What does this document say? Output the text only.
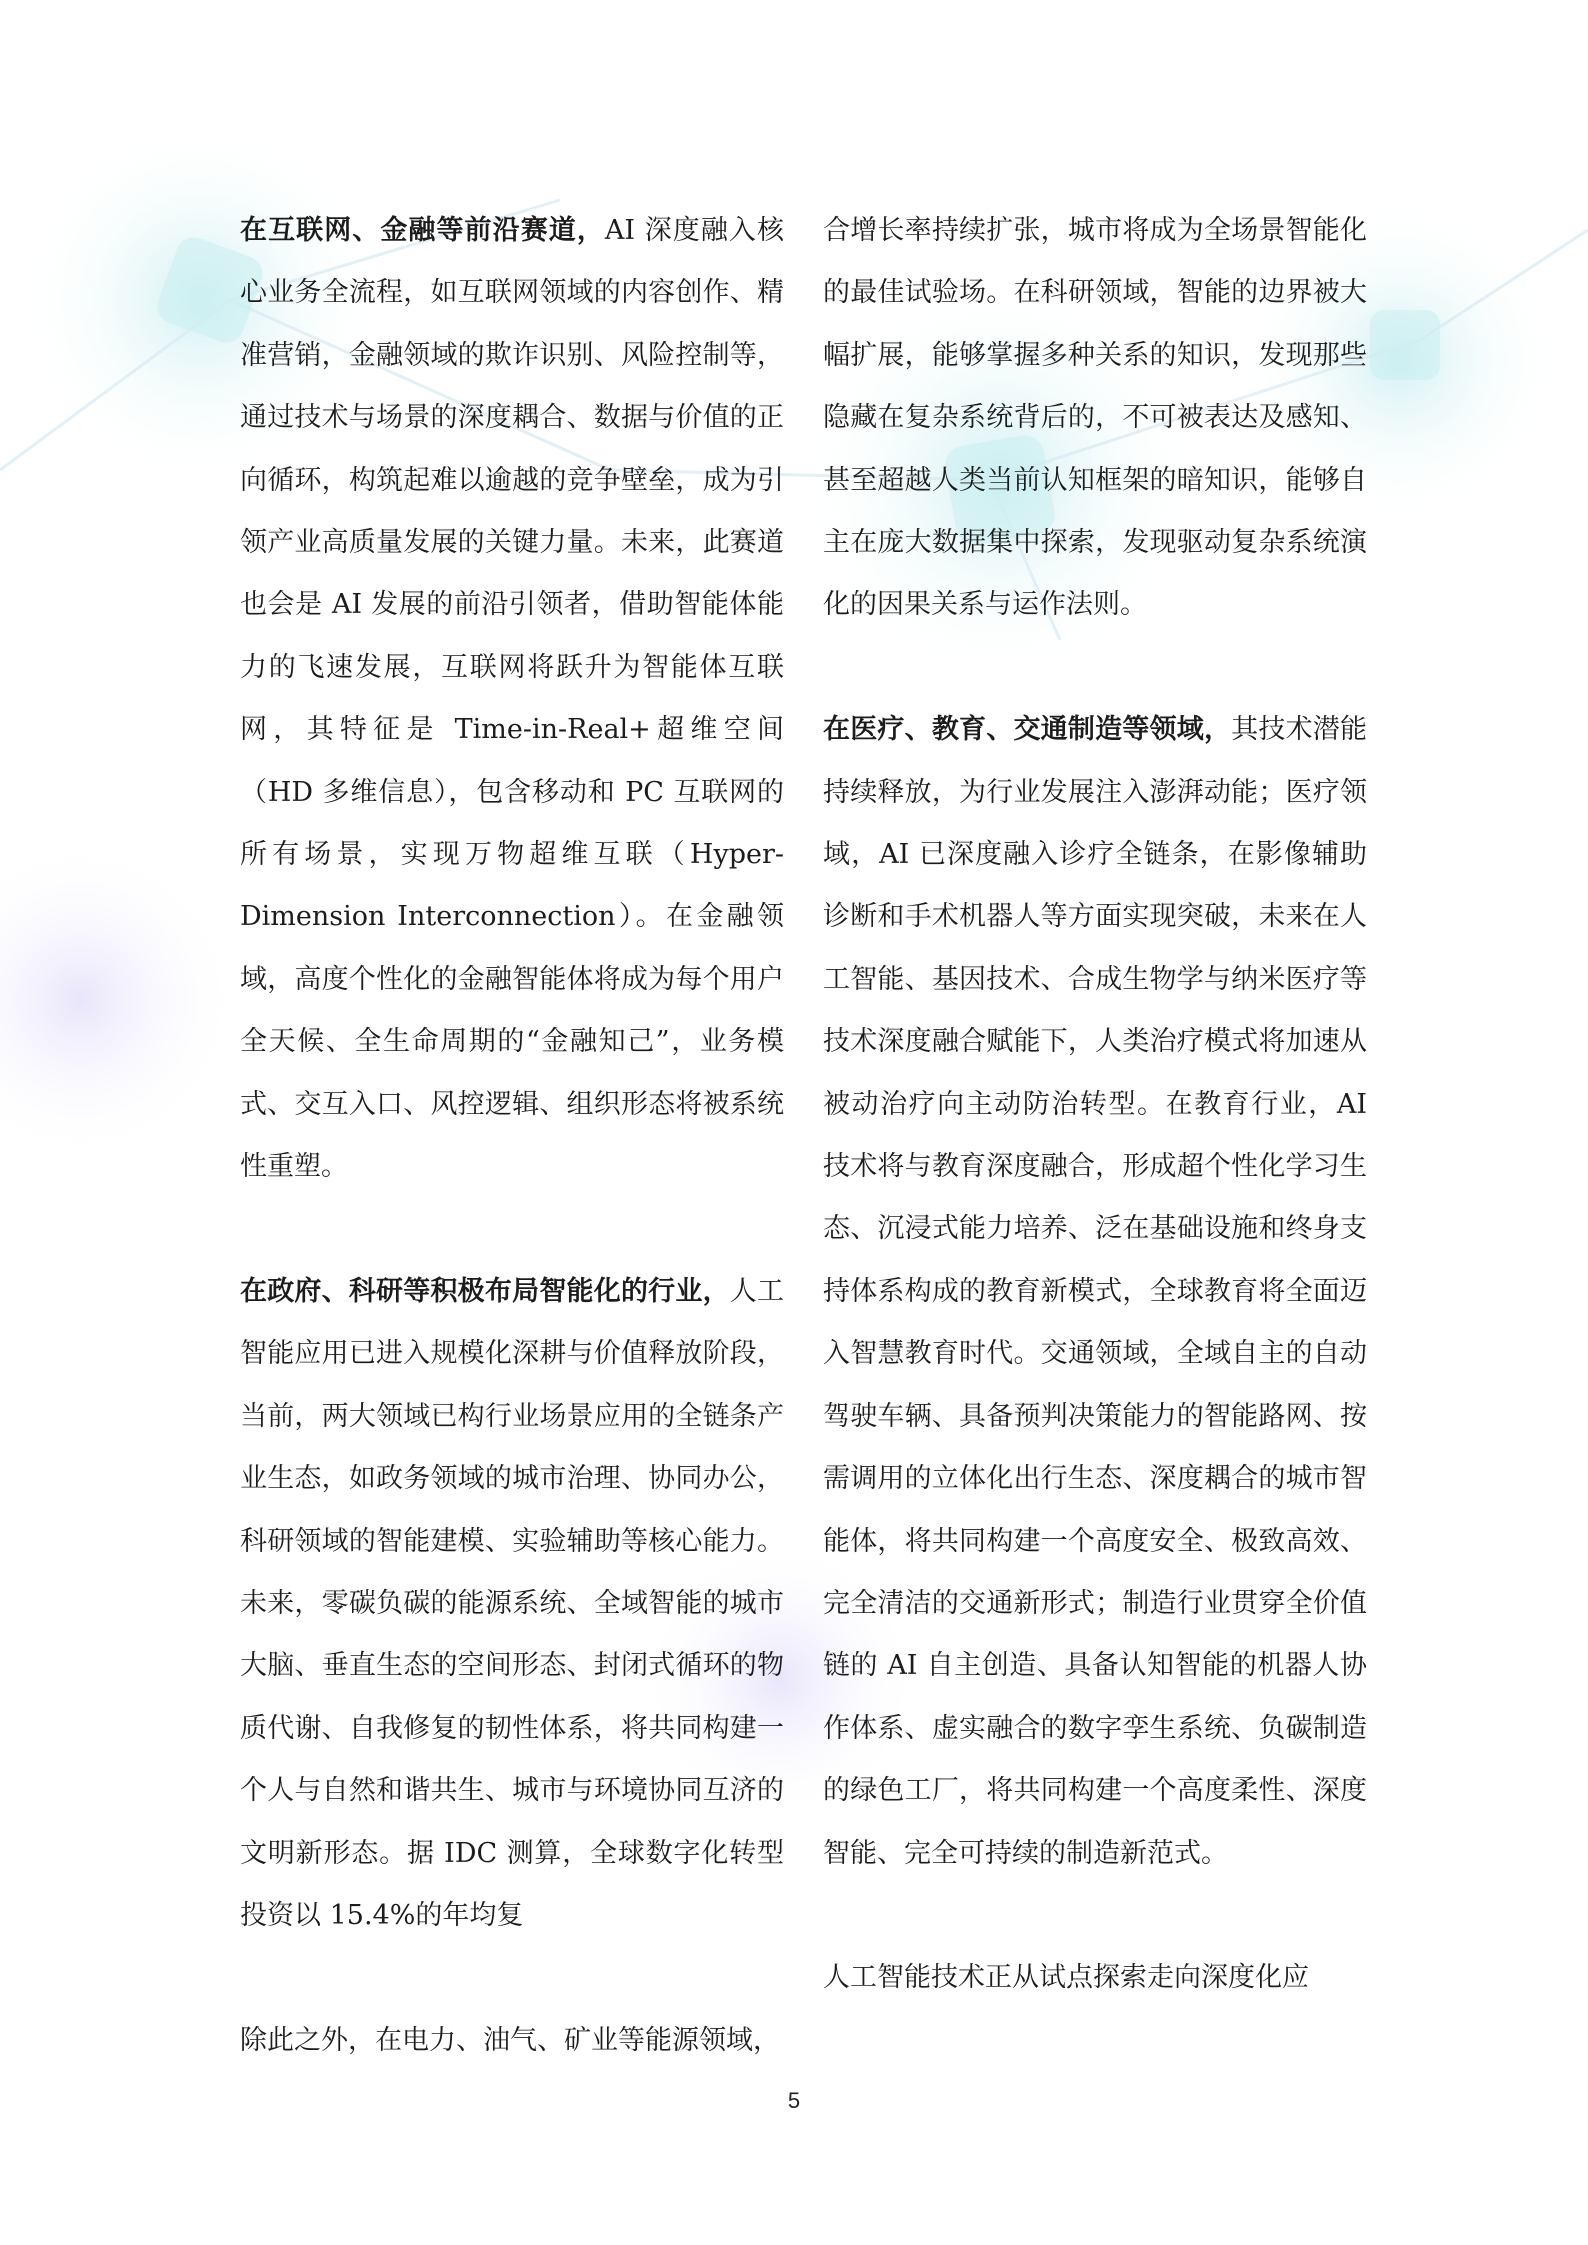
在互联网、金融等前沿赛道，AI 深度融入核心业务全流程，如互联网领域的内容创作、精准营销，金融领域的欺诈识别、风险控制等，通过技术与场景的深度耦合、数据与价值的正向循环，构筑起难以逾越的竞争壁垒，成为引领产业高质量发展的关键力量。未来，此赛道也会是 AI 发展的前沿引领者，借助智能体能力的飞速发展，互联网将跃升为智能体互联网，其特征是 Time-in-Real+超维空间（HD 多维信息），包含移动和 PC 互联网的所有场景，实现万物超维互联（Hyper-Dimension Interconnection）。在金融领域，高度个性化的金融智能体将成为每个用户全天候、全生命周期的“金融知己”，业务模式、交互入口、风控逻辑、组织形态将被系统性重塑。

在政府、科研等积极布局智能化的行业，人工智能应用已进入规模化深耕与价值释放阶段，当前，两大领域已构行业场景应用的全链条产业生态，如政务领域的城市治理、协同办公，科研领域的智能建模、实验辅助等核心能力。未来，零碳负碳的能源系统、全域智能的城市大脑、垂直生态的空间形态、封闭式循环的物质代谢、自我修复的韧性体系，将共同构建一个人与自然和谐共生、城市与环境协同互济的文明新形态。据 IDC 测算，全球数字化转型投资以 15.4%的年均复

除此之外，在电力、油气、矿业等能源领域，

合增长率持续扩张，城市将成为全场景智能化的最佳试验场。在科研领域，智能的边界被大幅扩展，能够掌握多种关系的知识，发现那些隐藏在复杂系统背后的，不可被表达及感知、甚至超越人类当前认知框架的暗知识，能够自主在庞大数据集中探索，发现驱动复杂系统演化的因果关系与运作法则。

在医疗、教育、交通制造等领域，其技术潜能持续释放，为行业发展注入澎湃动能；医疗领域，AI 已深度融入诊疗全链条，在影像辅助诊断和手术机器人等方面实现突破，未来在人工智能、基因技术、合成生物学与纳米医疗等技术深度融合赋能下，人类治疗模式将加速从被动治疗向主动防治转型。在教育行业，AI 技术将与教育深度融合，形成超个性化学习生态、沉浸式能力培养、泛在基础设施和终身支持体系构成的教育新模式，全球教育将全面迈入智慧教育时代。交通领域，全域自主的自动驾驶车辆、具备预判决策能力的智能路网、按需调用的立体化出行生态、深度耦合的城市智能体，将共同构建一个高度安全、极致高效、完全清洁的交通新形式；制造行业贯穿全价值链的 AI 自主创造、具备认知智能的机器人协作体系、虚实融合的数字孪生系统、负碳制造的绿色工厂，将共同构建一个高度柔性、深度智能、完全可持续的制造新范式。

人工智能技术正从试点探索走向深度化应

5
